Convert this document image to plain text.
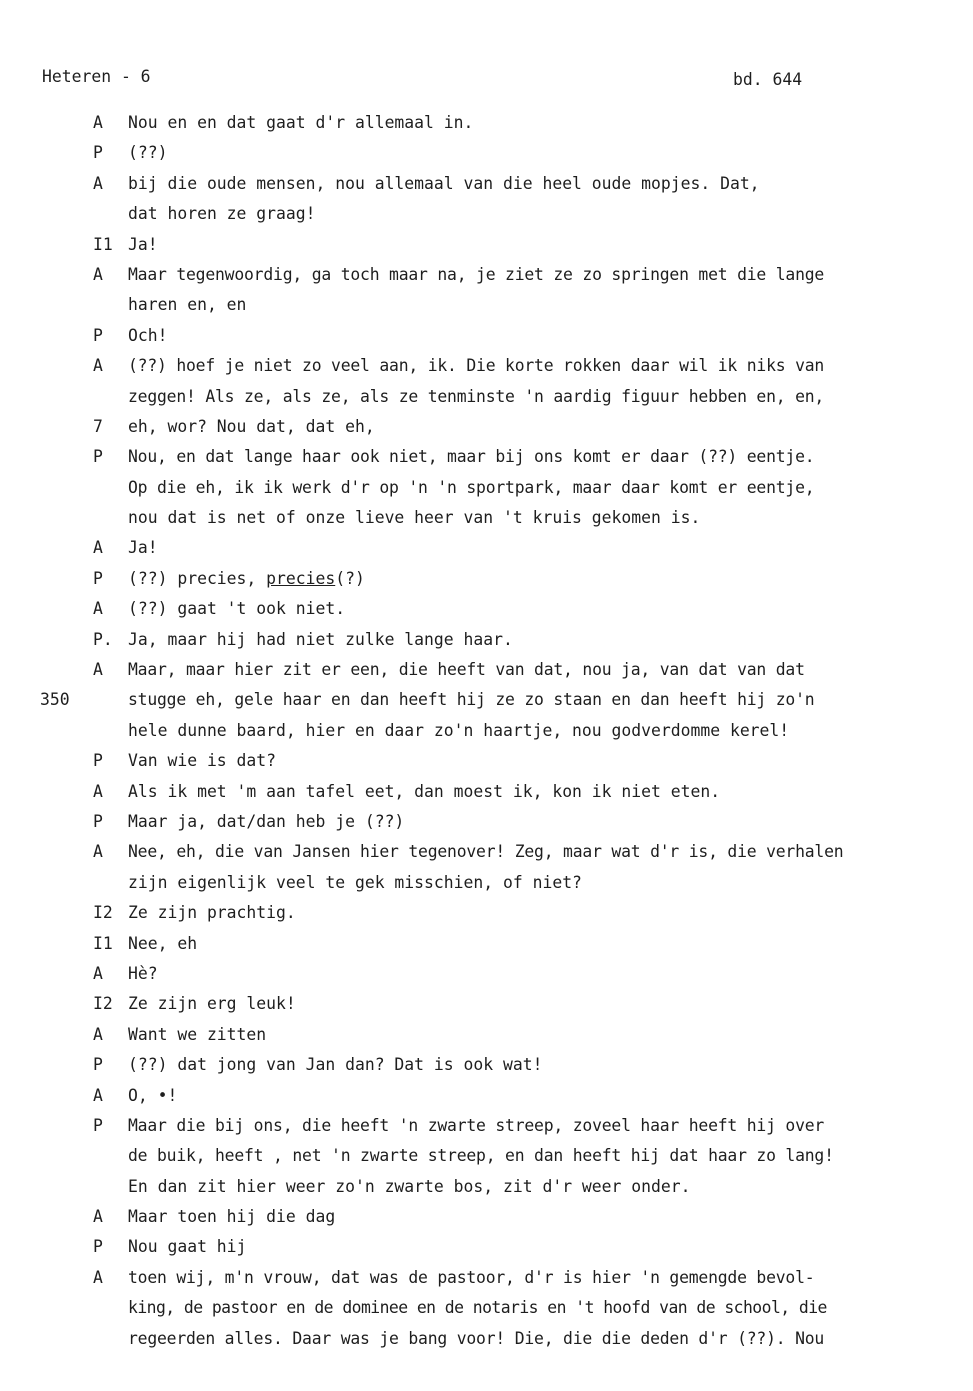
Heteren - 6	bd. 644
A Nou en en dat gaat d'r allemaal in.
P (??)
A bij die oude mensen, nou allemaal van die heel oude mopjes. Dat,
dat horen ze graag!
I1 Ja!
A Maar tegenwoordig, ga toch maar na, je ziet ze zo springen met die lange
haren en, en
P Och!
A (??) hoef je niet zo veel aan, ik. Die korte rokken daar wil ik niks van
zeggen! Als ze, als ze, als ze tenminste 'n aardig figuur hebben en, en,
7 eh, wor? Nou dat, dat eh,
P Nou, en dat lange haar ook niet, maar bij ons komt er daar (??) eentje.
Op die eh, ik ik werk d'r op 'n 'n sportpark, maar daar komt er eentje,
nou dat is net of onze lieve heer van 't kruis gekomen is.
A Ja!
P (??) precies, precies(?)
A (??) gaat 't ook niet.
P. Ja, maar hij had niet zulke lange haar.
A Maar, maar hier zit er een, die heeft van dat, nou ja, van dat van dat
350	stugge eh, gele haar en dan heeft hij ze zo staan en dan heeft hij zo'n
hele dunne baard, hier en daar zo'n haartje, nou godverdomme kerel!
P Van wie is dat?
A Als ik met 'm aan tafel eet, dan moest ik, kon ik niet eten.
P Maar ja, dat/dan heb je (??)
A Nee, eh, die van Jansen hier tegenover! Zeg, maar wat d'r is, die verhalen
zijn eigenlijk veel te gek misschien, of niet?
I2 Ze zijn prachtig.
I1 Nee, eh
A Hè?
I2 Ze zijn erg leuk!
A Want we zitten
P (??) dat jong van Jan dan? Dat is ook wat!
A O, •!
P Maar die bij ons, die heeft 'n zwarte streep, zoveel haar heeft hij over
de buik, heeft , net 'n zwarte streep, en dan heeft hij dat haar zo lang!
En dan zit hier weer zo'n zwarte bos, zit d'r weer onder.
A Maar toen hij die dag
P Nou gaat hij
A toen wij, m'n vrouw, dat was de pastoor, d'r is hier 'n gemengde bevol-
king, de pastoor en de dominee en de notaris en 't hoofd van de school, die
regeerden alles. Daar was je bang voor! Die, die die deden d'r (??). Nou
